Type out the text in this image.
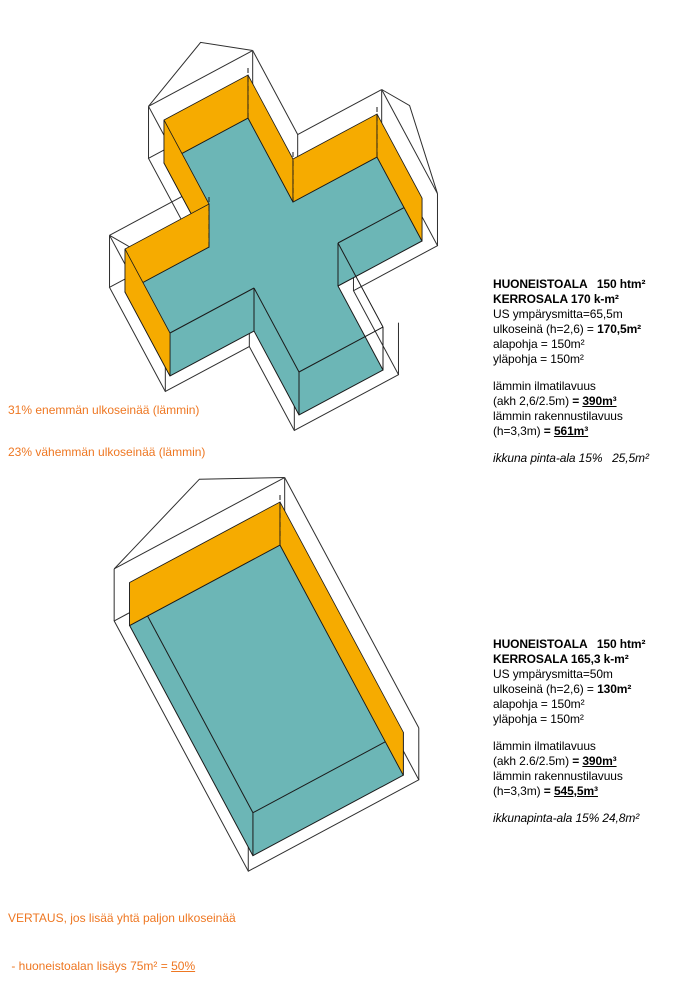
HUONEISTOALA   150 htm²
KERROSALA 170 k-m²
US ympärysmitta=65,5m
ulkoseinä (h=2,6) = 170,5m²
alapohja = 150m²
yläpohja = 150m²
lämmin ilmatilavuus
(akh 2,6/2.5m) = 390m³
lämmin rakennustilavuus
(h=3,3m) = 561m³
ikkuna pinta-ala 15%   25,5m²
HUONEISTOALA   150 htm²
KERROSALA 165,3 k-m²
US ympärysmitta=50m
ulkoseinä (h=2,6) = 130m²
alapohja = 150m²
yläpohja = 150m²
lämmin ilmatilavuus
(akh 2.6/2.5m) = 390m³
lämmin rakennustilavuus
(h=3,3m) = 545,5m³
ikkunapinta-ala 15% 24,8m²
31% enemmän ulkoseinää (lämmin)
23% vähemmän ulkoseinää (lämmin)

VERTAUS, jos lisää yhtä paljon ulkoseinää

- huoneistoalan lisäys 75m² = 50%
